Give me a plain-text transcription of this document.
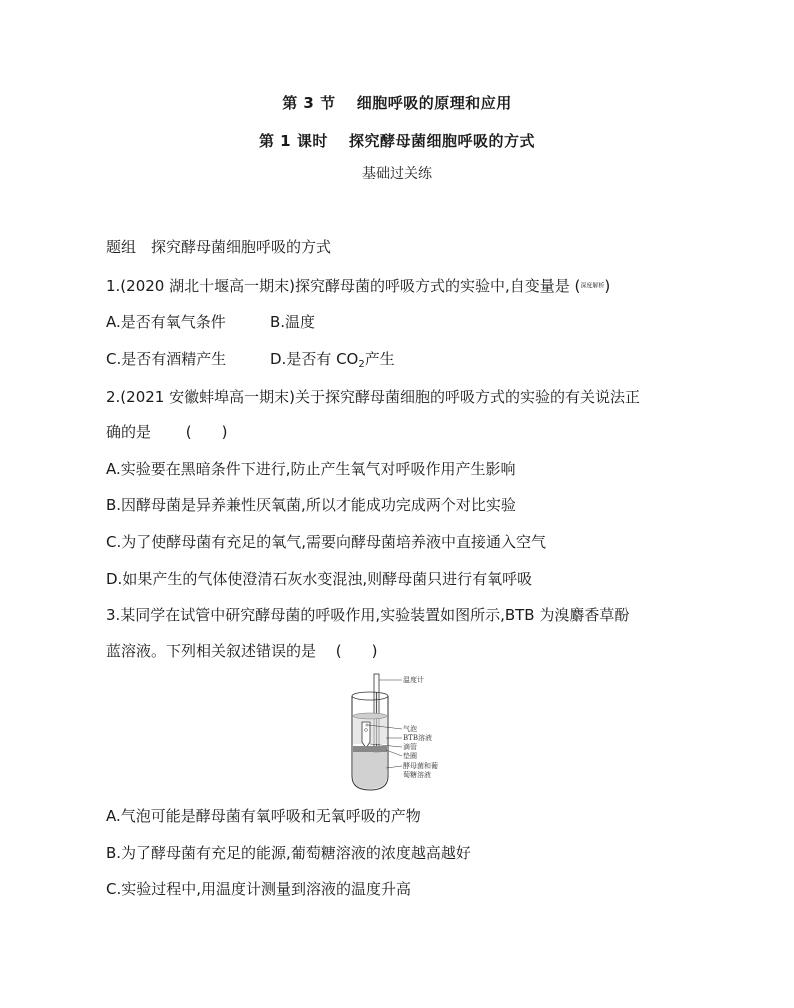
第 3 节 　细胞呼吸的原理和应用
第 1 课时 　探究酵母菌细胞呼吸的方式
基础过关练
题组　探究酵母菌细胞呼吸的方式
1.(2020 湖北十堰高一期末)探究酵母菌的呼吸方式的实验中,自变量是 (深度解析)
A.是否有氧气条件	B.温度
C.是否有酒精产生	D.是否有 $CO_2$产生
2.(2021 安徽蚌埠高一期末)关于探究酵母菌细胞的呼吸方式的实验的有关说法正
确的是 　　(　　)
A.实验要在黑暗条件下进行,防止产生氧气对呼吸作用产生影响
B.因酵母菌是异养兼性厌氧菌,所以才能成功完成两个对比实验
C.为了使酵母菌有充足的氧气,需要向酵母菌培养液中直接通入空气
D.如果产生的气体使澄清石灰水变混浊,则酵母菌只进行有氧呼吸
3.某同学在试管中研究酵母菌的呼吸作用,实验装置如图所示,BTB 为溴麝香草酚
蓝溶液。下列相关叙述错误的是 　(　　)
温度计
气泡
BTB溶液
滴管
垫圈
酵母菌和葡
萄糖溶液
A.气泡可能是酵母菌有氧呼吸和无氧呼吸的产物
B.为了酵母菌有充足的能源,葡萄糖溶液的浓度越高越好
C.实验过程中,用温度计测量到溶液的温度升高
